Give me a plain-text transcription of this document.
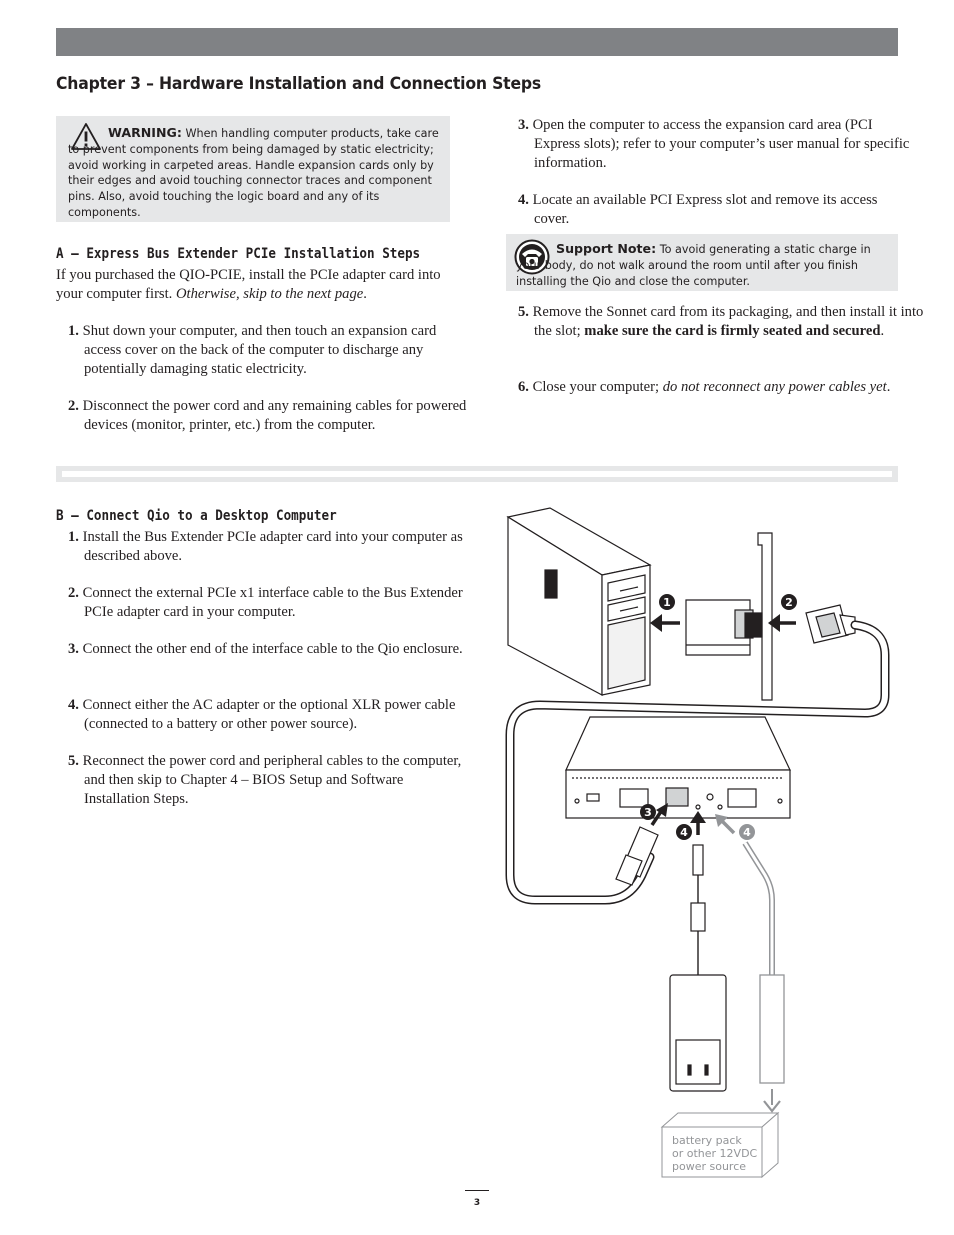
Chapter 3 – Hardware Installation and Connection Steps
WARNING: When handling computer products, take care to prevent components from being damaged by static electricity; avoid working in carpeted areas. Handle expansion cards only by their edges and avoid touching connector traces and component pins. Also, avoid touching the logic board and any of its components.
A – Express Bus Extender PCIe Installation Steps

If you purchased the QIO-PCIE, install the PCIe adapter card into your computer first. Otherwise, skip to the next page.

1. Shut down your computer, and then touch an expansion card access cover on the back of the computer to discharge any potentially damaging static electricity.

2. Disconnect the power cord and any remaining cables for powered devices (monitor, printer, etc.) from the computer.

3. Open the computer to access the expansion card area (PCI Express slots); refer to your computer’s user manual for specific information.

4. Locate an available PCI Express slot and remove its access cover.

Support Note: To avoid generating a static charge in your body, do not walk around the room until after you finish installing the Qio and close the computer.

5. Remove the Sonnet card from its packaging, and then install it into the slot; make sure the card is firmly seated and secured.

6. Close your computer; do not reconnect any power cables yet.

B – Connect Qio to a Desktop Computer

1. Install the Bus Extender PCIe adapter card into your computer as described above.

2. Connect the external PCIe x1 interface cable to the Bus Extender PCIe adapter card in your computer.

3. Connect the other end of the interface cable to the Qio enclosure.

4. Connect either the AC adapter or the optional XLR power cable (connected to a battery or other power source).

5. Reconnect the power cord and peripheral cables to the computer, and then skip to Chapter 4 – BIOS Setup and Software Installation Steps.

battery pack
or other 12VDC
power source
1	2
3
4	4
3
